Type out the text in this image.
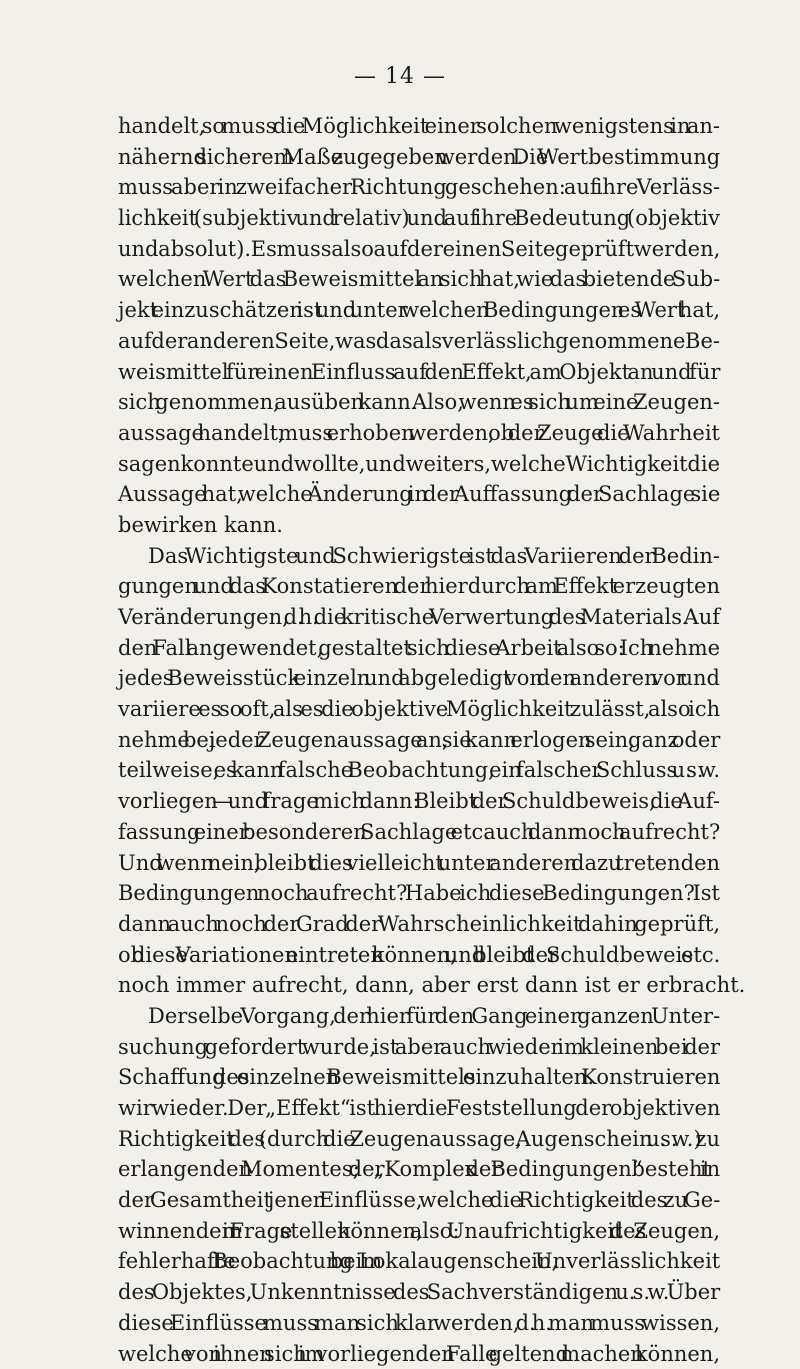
— 14 —
handelt, so muss die Möglichkeit einer solchen wenigstens in an-
nähernd sicherem Maße zugegeben werden. Die Wertbestimmung
muss aber in zweifacher Richtung geschehen: auf ihre Verläss-
lichkeit (subjektiv und relativ) und auf ihre Bedeutung (objektiv
und absolut). Es muss also auf der einen Seite geprüft werden,
welchen Wert das Beweismittel an sich hat, wie das bietende Sub-
jekt einzuschätzen ist und unter welchen Bedingungen es Wert hat,
auf der anderen Seite, was das als verlässlich genommene Be-
weismittel für einen Einfluss auf den Effekt, am Objekt an und für
sich genommen, ausüben kann. Also, wenn es sich um eine Zeugen-
aussage handelt, muss erhoben werden, ob der Zeuge die Wahrheit
sagen konnte und wollte, und weiters, welche Wichtigkeit die
Aussage hat, welche Änderung in der Auffassung der Sachlage sie
bewirken kann.
Das Wichtigste und Schwierigste ist das Variieren der Bedin-
gungen und das Konstatieren der hierdurch am Effekt erzeugten
Veränderungen, d. h. die kritische Verwertung des Materials. Auf
den Fall angewendet, gestaltet sich diese Arbeit also so: Ich nehme
jedes Beweisstück einzeln und abgeledigt von den anderen vor und
variiere es so oft, als es die objektive Möglichkeit zulässt, also ich
nehme bei jeder Zeugenaussage an, sie kann erlogen sein, ganz oder
teilweise, es kann falsche Beobachtung, ein falscher Schluss u. s. w.
vorliegen — und frage mich dann: Bleibt der Schuldbeweis, die Auf-
fassung einer besonderen Sachlage etc. auch dann noch aufrecht?
Und wenn nein, bleibt dies vielleicht unter anderen dazu tretenden
Bedingungen noch aufrecht? Habe ich diese Bedingungen? Ist
dann auch noch der Grad der Wahrscheinlichkeit dahin geprüft,
ob diese Variationen eintreten können, und bleibt der Schuldbeweis etc.
noch immer aufrecht, dann, aber erst dann ist er erbracht.
Derselbe Vorgang, der hier für den Gang einer ganzen Unter-
suchung gefordert wurde, ist aber auch wieder im kleinen bei der
Schaffung des einzelnen Beweismittels einzuhalten. Konstruieren
wir wieder. Der „Effekt“ ist hier die Feststellung der objektiven
Richtigkeit des (durch die Zeugenaussage, Augenschein u. s. w.) zu
erlangenden Momentes; der „Komplex der Bedingungen“ besteht in
der Gesamtheit jener Einflüsse, welche die Richtigkeit des zu Ge-
winnenden in Frage stellen können, also: Unaufrichtigkeit des Zeugen,
fehlerhafte Beobachtung beim Lokalaugenschein, Unverlässlichkeit
des Objektes, Unkenntnisse des Sachverständigen u. s. w. Über
diese Einflüsse muss man sich klar werden, d. h. man muss wissen,
welche von ihnen sich im vorliegenden Falle geltend machen können,
